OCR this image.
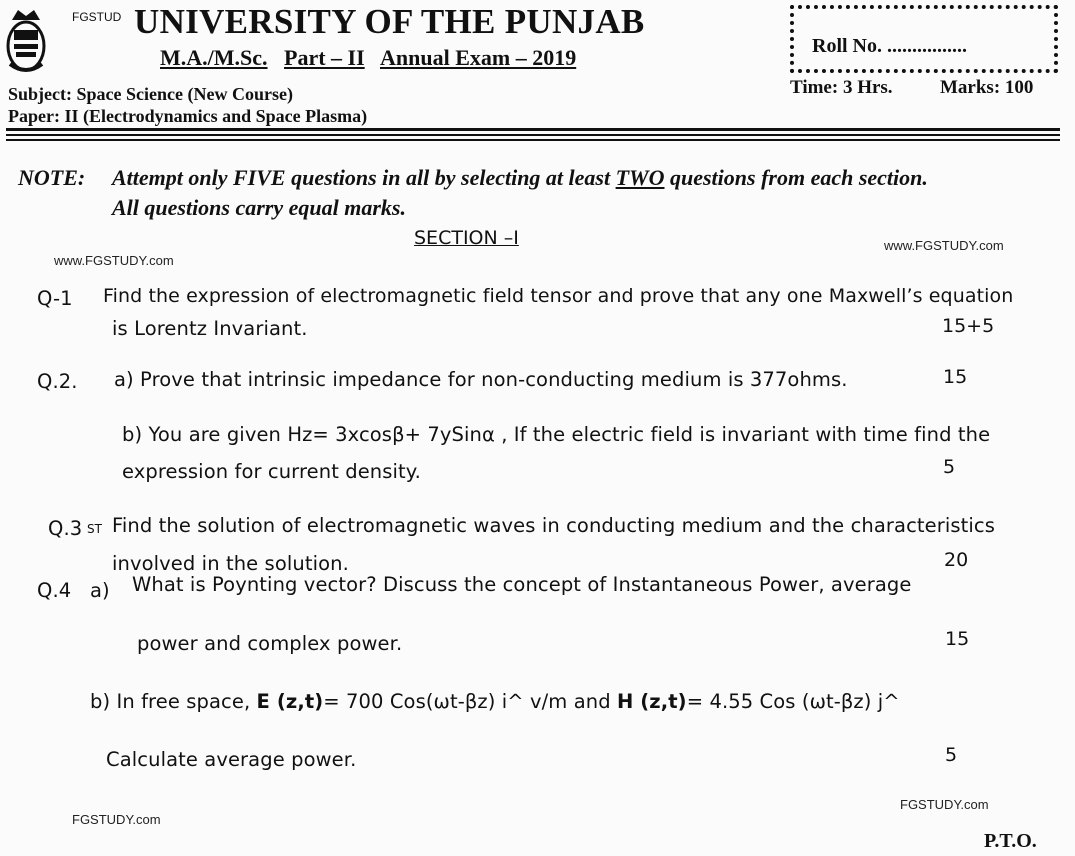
FGSTUD UNIVERSITY OF THE PUNJAB
M.A./M.Sc. Part – II Annual Exam – 2019
Subject: Space Science (New Course)
Paper: II (Electrodynamics and Space Plasma)
Roll No. ................
Time: 3 Hrs. Marks: 100
NOTE: Attempt only FIVE questions in all by selecting at least TWO questions from each section.
All questions carry equal marks.
SECTION –I
www.FGSTUDY.com
www.FGSTUDY.com
Q-1 Find the expression of electromagnetic field tensor and prove that any one Maxwell’s equation
is Lorentz Invariant.	15+5
Q.2. a) Prove that intrinsic impedance for non-conducting medium is 377ohms.	15
b) You are given Hz= 3xcosβ+ 7ySinα , If the electric field is invariant with time find the
expression for current density.	5
Q.3 ST Find the solution of electromagnetic waves in conducting medium and the characteristics
involved in the solution.	20
Q.4 a) What is Poynting vector? Discuss the concept of Instantaneous Power, average
power and complex power.	15
b) In free space, E (z,t)= 700 Cos(ωt-βz) i^ v/m and H (z,t)= 4.55 Cos (ωt-βz) j^
Calculate average power.	5
FGSTUDY.com
FGSTUDY.com
P.T.O.
